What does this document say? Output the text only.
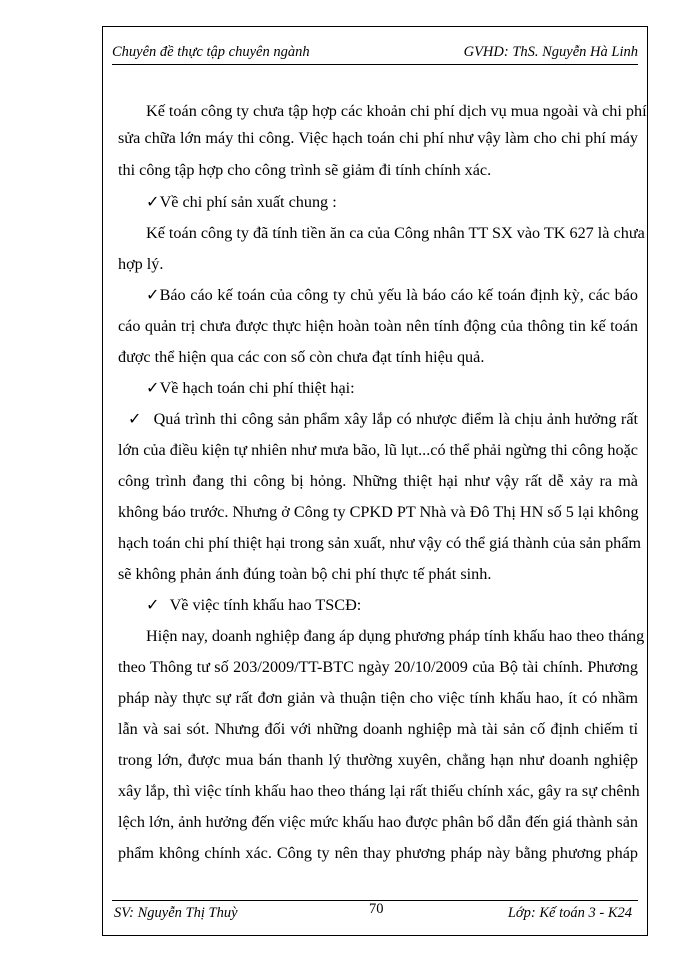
Chuyên đề thực tập chuyên ngành	GVHD: ThS. Nguyễn Hà Linh
Kế toán công ty chưa tập hợp các khoản chi phí dịch vụ mua ngoài và chi phí
sửa chữa lớn máy thi công. Việc hạch toán chi phí như vậy làm cho chi phí máy
thi công tập hợp cho công trình sẽ giảm đi tính chính xác.
✓Về chi phí sản xuất chung :
Kế toán công ty đã tính tiền ăn ca của Công nhân TT SX vào TK 627 là chưa
hợp lý.
✓Báo cáo kế toán của công ty chủ yếu là báo cáo kế toán định kỳ, các báo
cáo quản trị chưa được thực hiện hoàn toàn nên tính động của thông tin kế toán
được thể hiện qua các con số còn chưa đạt tính hiệu quả.
✓Về hạch toán chi phí thiệt hại:
✓ Quá trình thi công sản phẩm xây lắp có nhược điểm là chịu ảnh hưởng rất
lớn của điều kiện tự nhiên như mưa bão, lũ lụt...có thể phải ngừng thi công hoặc
công trình đang thi công bị hỏng. Những thiệt hại như vậy rất dễ xảy ra mà
không báo trước. Nhưng ở Công ty CPKD PT Nhà và Đô Thị HN số 5 lại không
hạch toán chi phí thiệt hại trong sản xuất, như vậy có thể giá thành của sản phẩm
sẽ không phản ánh đúng toàn bộ chi phí thực tế phát sinh.
✓ Về việc tính khấu hao TSCĐ:
Hiện nay, doanh nghiệp đang áp dụng phương pháp tính khấu hao theo tháng
theo Thông tư số 203/2009/TT-BTC ngày 20/10/2009 của Bộ tài chính. Phương
pháp này thực sự rất đơn giản và thuận tiện cho việc tính khấu hao, ít có nhầm
lẫn và sai sót. Nhưng đối với những doanh nghiệp mà tài sản cố định chiếm tỉ
trong lớn, được mua bán thanh lý thường xuyên, chẳng hạn như doanh nghiệp
xây lắp, thì việc tính khấu hao theo tháng lại rất thiếu chính xác, gây ra sự chênh
lệch lớn, ảnh hưởng đến việc mức khấu hao được phân bổ dẫn đến giá thành sản
phẩm không chính xác. Công ty nên thay phương pháp này bằng phương pháp
SV: Nguyễn Thị Thuỳ	70	Lớp: Kế toán 3 - K24
